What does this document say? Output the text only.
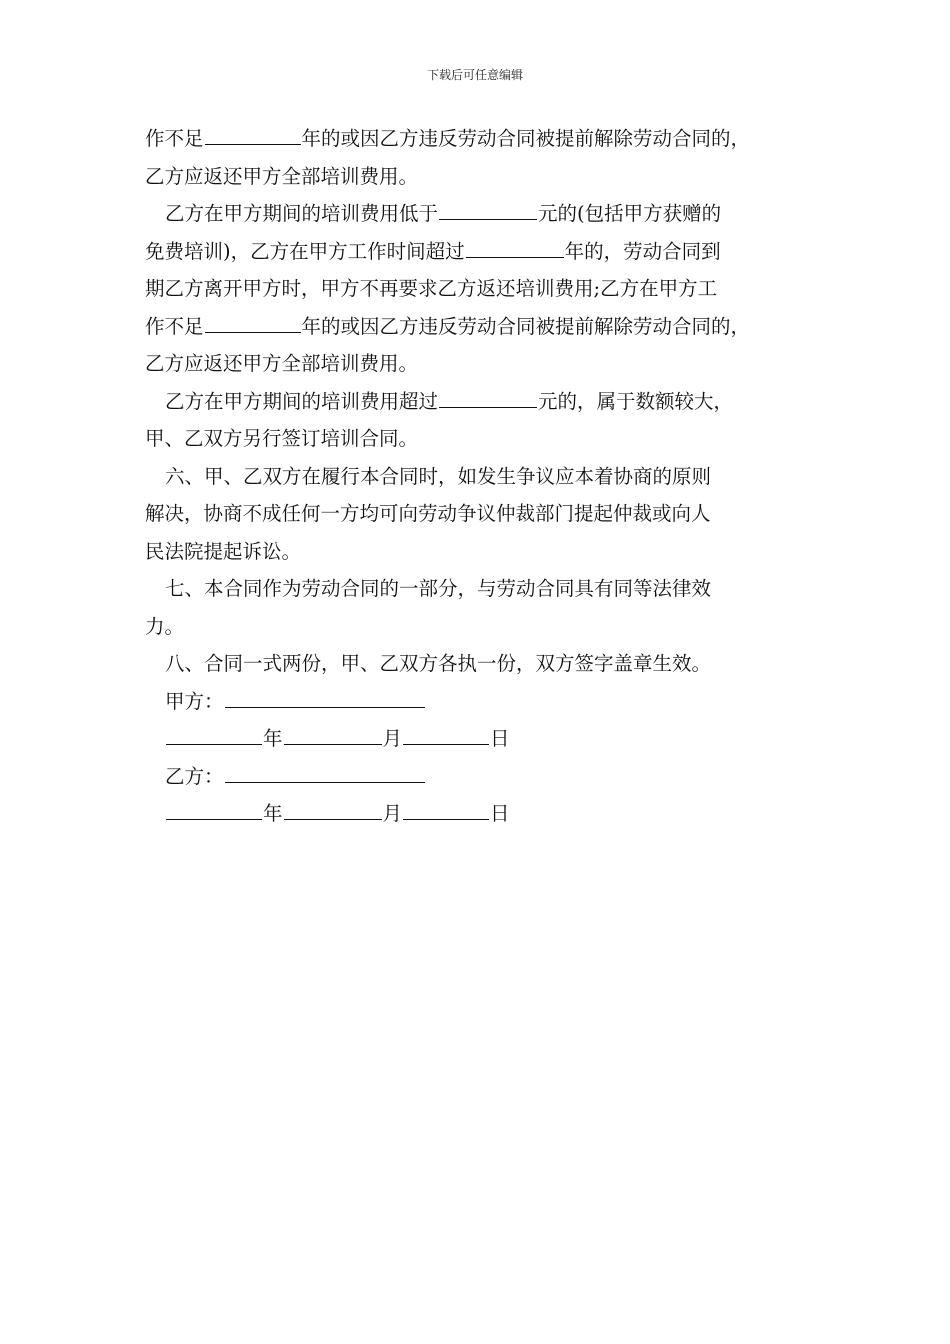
下载后可任意编辑
作不足	年的或因乙方违反劳动合同被提前解除劳动合同的，
乙方应返还甲方全部培训费用。
乙方在甲方期间的培训费用低于	元的(包括甲方获赠的
免费培训)，乙方在甲方工作时间超过	年的，劳动合同到
期乙方离开甲方时，甲方不再要求乙方返还培训费用;乙方在甲方工
作不足	年的或因乙方违反劳动合同被提前解除劳动合同的，
乙方应返还甲方全部培训费用。
乙方在甲方期间的培训费用超过	元的，属于数额较大，
甲、乙双方另行签订培训合同。
六、甲、乙双方在履行本合同时，如发生争议应本着协商的原则
解决，协商不成任何一方均可向劳动争议仲裁部门提起仲裁或向人
民法院提起诉讼。
七、本合同作为劳动合同的一部分，与劳动合同具有同等法律效
力。
八、合同一式两份，甲、乙双方各执一份，双方签字盖章生效。
甲方：
年	月	日
乙方：
年	月	日
